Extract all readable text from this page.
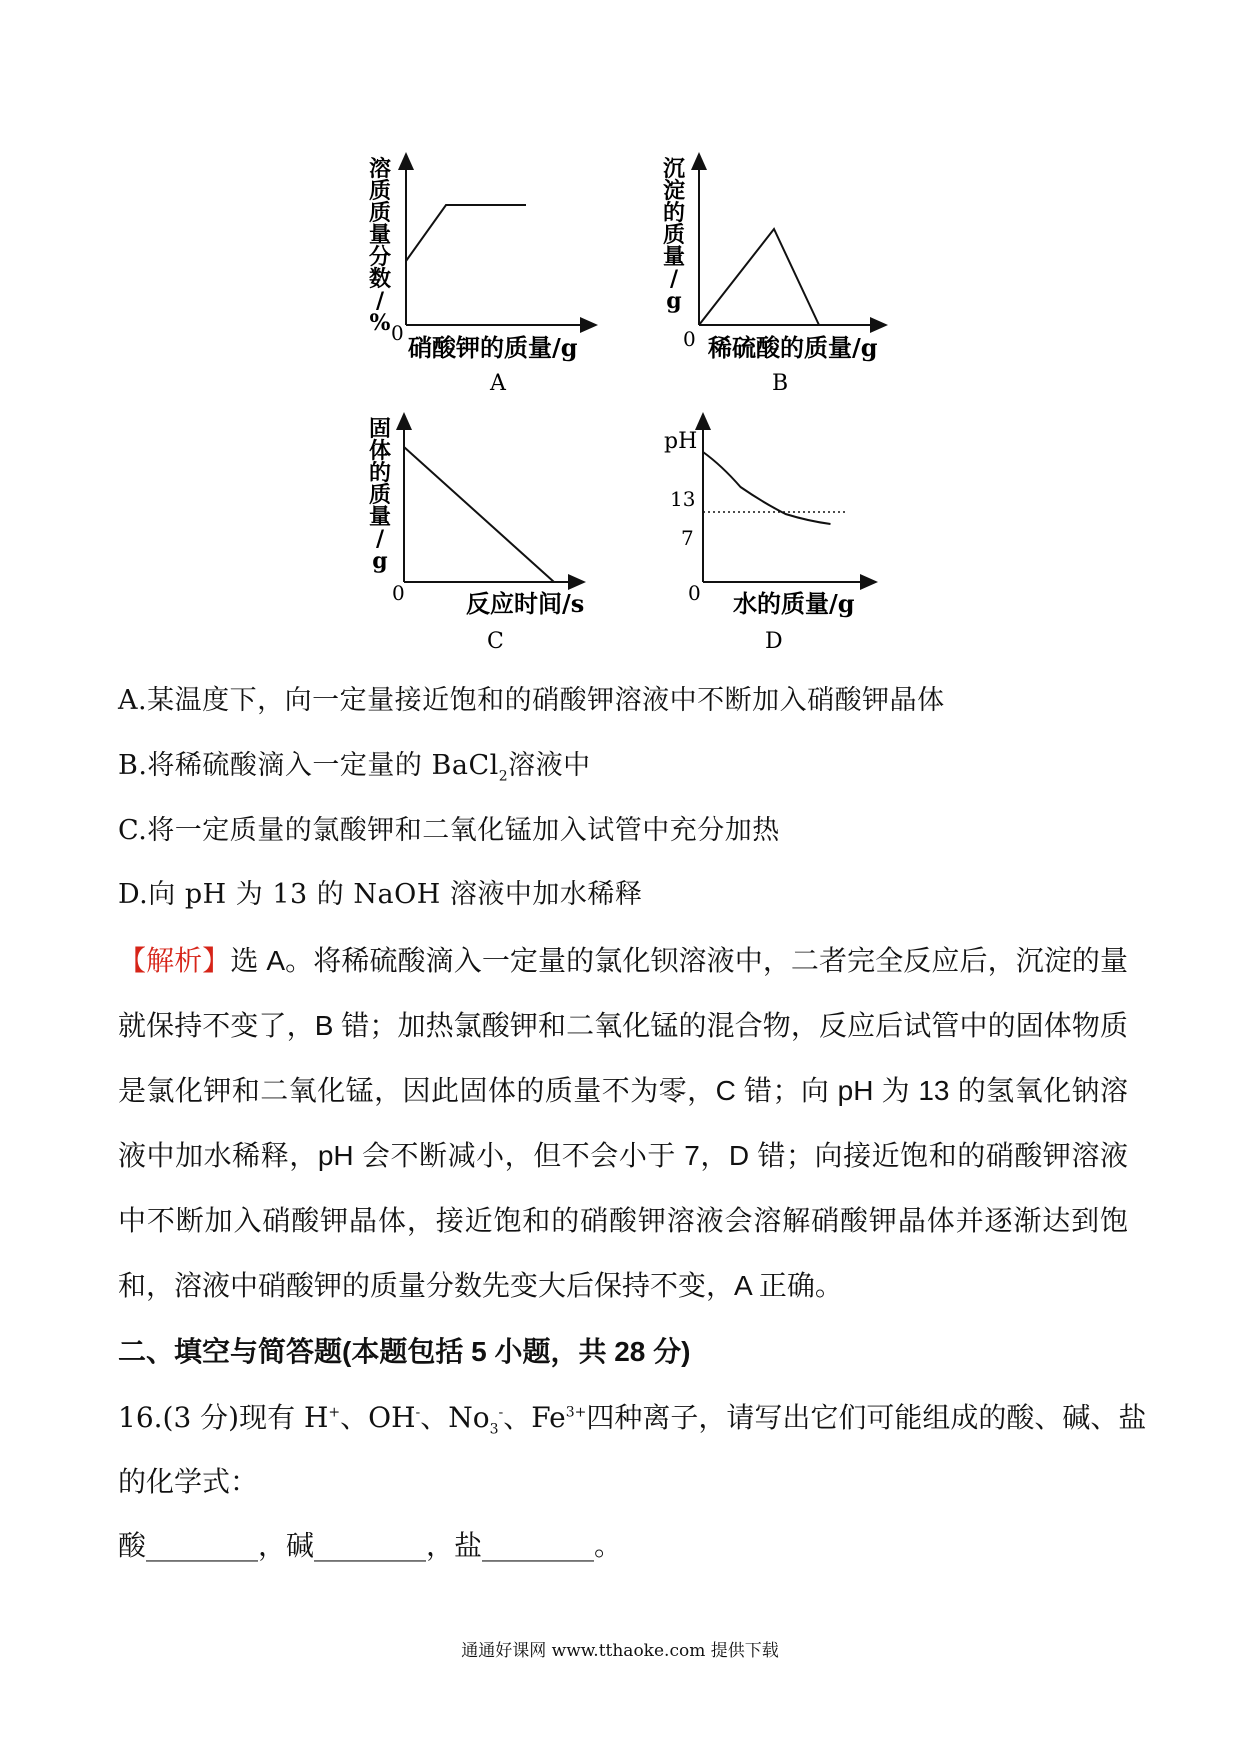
溶质质量分数/ % 0 硝酸钾的质量/g
A
沉淀的质量/ g
0 稀硫酸的质量/g
B
固体的质量/ g
0	反应时间/s
C
pH
13
7
0 水的质量/g
D
A.某温度下，向一定量接近饱和的硝酸钾溶液中不断加入硝酸钾晶体
B.将稀硫酸滴入一定量的 BaCl$_2$溶液中
C.将一定质量的氯酸钾和二氧化锰加入试管中充分加热
D.向 pH 为 13 的 NaOH 溶液中加水稀释
【解析】选 A。将稀硫酸滴入一定量的氯化钡溶液中，二者完全反应后，沉淀的量就保持不变了，B 错；加热氯酸钾和二氧化锰的混合物，反应后试管中的固体物质是氯化钾和二氧化锰，因此固体的质量不为零，C 错；向 pH 为 13 的氢氧化钠溶液中加水稀释，pH 会不断减小，但不会小于 7，D 错；向接近饱和的硝酸钾溶液中不断加入硝酸钾晶体，接近饱和的硝酸钾溶液会溶解硝酸钾晶体并逐渐达到饱和，溶液中硝酸钾的质量分数先变大后保持不变，A 正确。
二、填空与简答题(本题包括 5 小题，共 28 分)
16.(3 分)现有 H+、OH-、$No_3^-$、$Fe^{3+}$四种离子，请写出它们可能组成的酸、碱、盐
的化学式：
酸________，碱________，盐________。
通通好课网 www.tthaoke.com 提供下载
